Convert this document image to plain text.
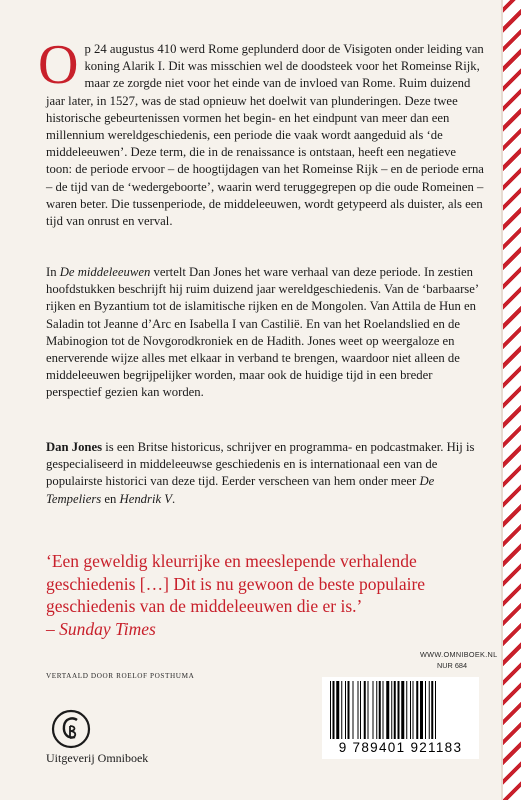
Op 24 augustus 410 werd Rome geplunderd door de Visigoten onder leiding van koning Alarik I. Dit was misschien wel de doodsteek voor het Romeinse Rijk, maar ze zorgde niet voor het einde van de invloed van Rome. Ruim duizend jaar later, in 1527, was de stad opnieuw het doelwit van plunderingen. Deze twee historische gebeurtenissen vormen het begin- en het eindpunt van meer dan een millennium wereldgeschiedenis, een periode die vaak wordt aangeduid als ‘de middeleeuwen’. Deze term, die in de renaissance is ontstaan, heeft een negatieve toon: de periode ervoor – de hoogtijdagen van het Romeinse Rijk – en de periode erna – de tijd van de ‘wedergeboorte’, waarin werd teruggegrepen op die oude Romeinen – waren beter. Die tussenperiode, de middeleeuwen, wordt getypeerd als duister, als een tijd van onrust en verval.
In De middeleeuwen vertelt Dan Jones het ware verhaal van deze periode. In zestien hoofdstukken beschrijft hij ruim duizend jaar wereldgeschiedenis. Van de ‘barbaarse’ rijken en Byzantium tot de islamitische rijken en de Mongolen. Van Attila de Hun en Saladin tot Jeanne d’Arc en Isabella I van Castilië. En van het Roelandslied en de Mabinogion tot de Novgorodkroniek en de Hadith. Jones weet op weergaloze en enerverende wijze alles met elkaar in verband te brengen, waardoor niet alleen de middeleeuwen begrijpelijker worden, maar ook de huidige tijd in een breder perspectief gezien kan worden.
Dan Jones is een Britse historicus, schrijver en programma- en podcastmaker. Hij is gespecialiseerd in middeleeuwse geschiedenis en is internationaal een van de populairste historici van deze tijd. Eerder verscheen van hem onder meer De Tempeliers en Hendrik V.
‘Een geweldig kleurrijke en meeslepende verhalende geschiedenis […] Dit is nu gewoon de beste populaire geschiedenis van de middeleeuwen die er is.’
– Sunday Times
WWW.OMNIBOEK.NL
NUR 684
VERTAALD DOOR ROELOF POSTHUMA
Uitgeverij Omniboek
9 789401 921183
